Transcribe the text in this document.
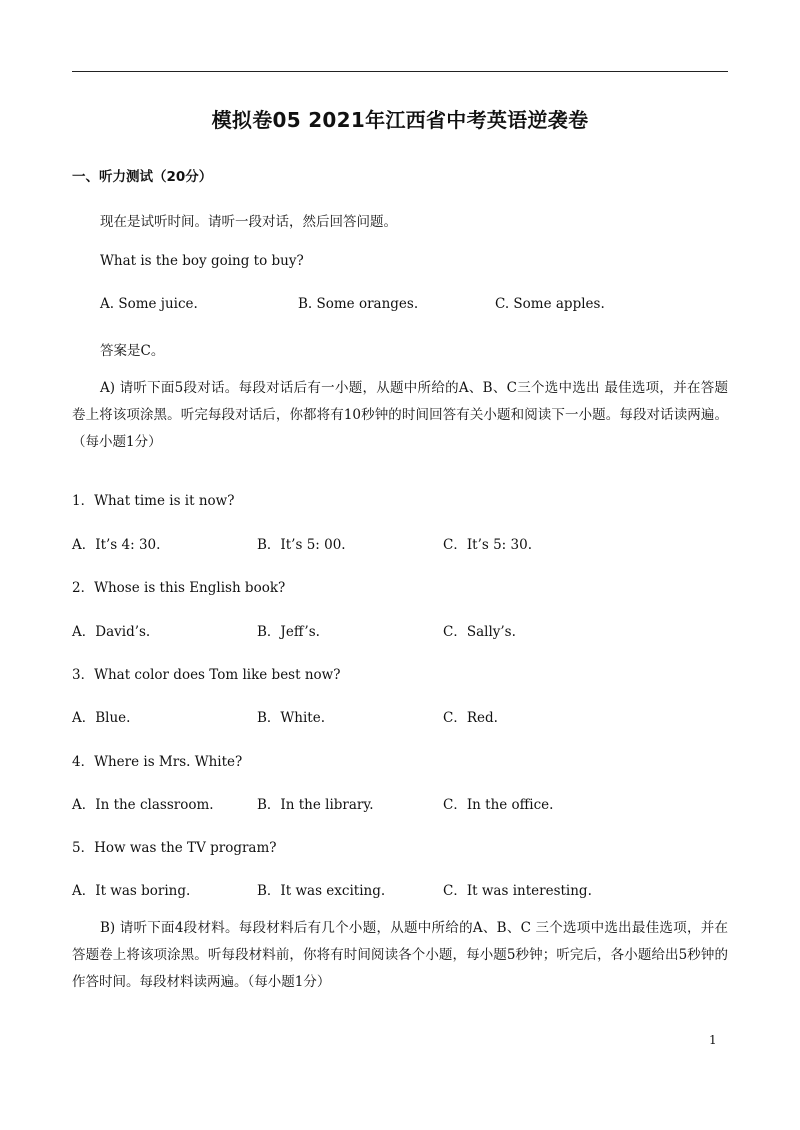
模拟卷05 2021年江西省中考英语逆袭卷
一、听力测试（20分）
现在是试听时间。请听一段对话，然后回答问题。
What is the boy going to buy?
A. Some juice.	B. Some oranges.	C. Some apples.
答案是C。
A) 请听下面5段对话。每段对话后有一小题，从题中所给的A、B、C三个选中选出 最佳选项，并在答题卷上将该项涂黑。听完每段对话后，你都将有10秒钟的时间回答有关小题和阅读下一小题。每段对话读两遍。（每小题1分）
1．What time is it now?
A．It’s 4: 30.	B．It’s 5: 00.	C．It’s 5: 30.
2．Whose is this English book?
A．David’s.	B．Jeff’s.	C．Sally’s.
3．What color does Tom like best now?
A．Blue.	B．White.	C．Red.
4．Where is Mrs. White?
A．In the classroom.	B．In the library.	C．In the office.
5．How was the TV program?
A．It was boring.	B．It was exciting.	C．It was interesting.
B) 请听下面4段材料。每段材料后有几个小题，从题中所给的A、B、C 三个选项中选出最佳选项，并在答题卷上将该项涂黑。听每段材料前，你将有时间阅读各个小题，每小题5秒钟；听完后，各小题给出5秒钟的作答时间。每段材料读两遍。（每小题1分）
1
